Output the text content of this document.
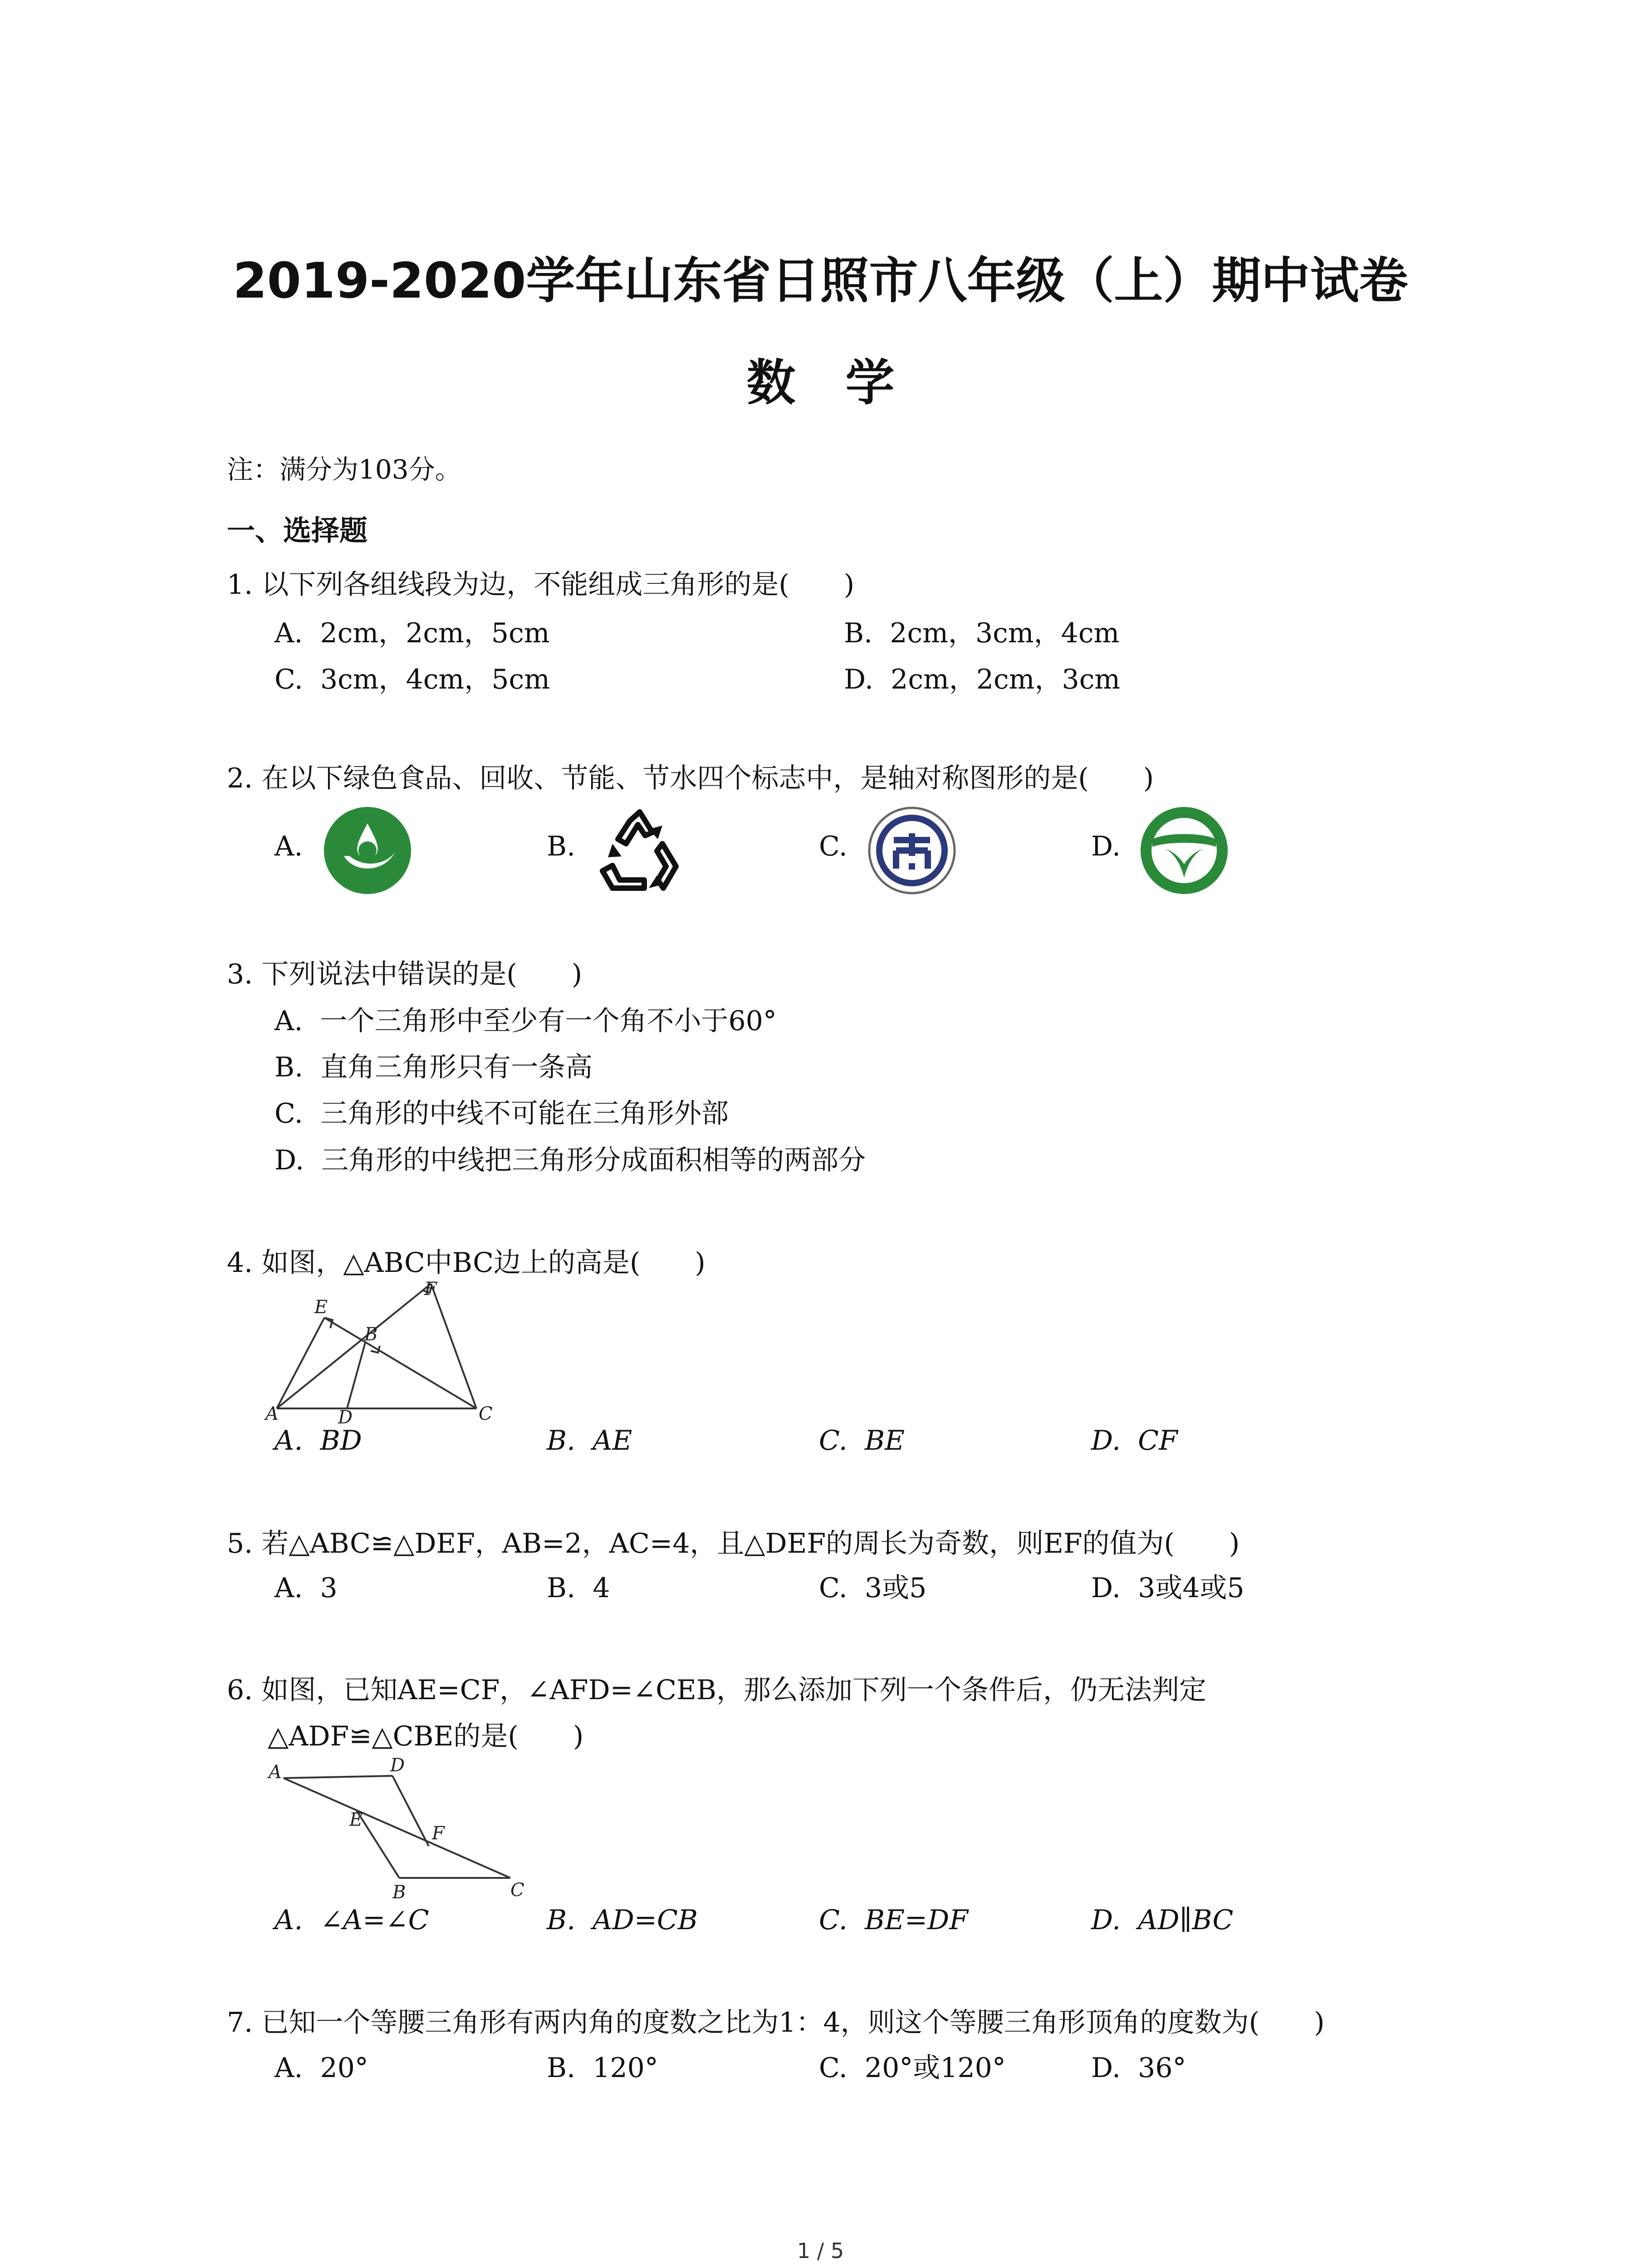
2019-2020学年山东省日照市八年级（上）期中试卷
数学
注：满分为103分。
一、选择题
1. 以下列各组线段为边，不能组成三角形的是(　　)
A.  2cm，2cm，5cm	B.  2cm，3cm，4cm
C.  3cm，4cm，5cm	D.  2cm，2cm，3cm
2. 在以下绿色食品、回收、节能、节水四个标志中，是轴对称图形的是(　　)
A.	B.	C.	D.
3. 下列说法中错误的是(　　)
A.  一个三角形中至少有一个角不小于60°
B.  直角三角形只有一条高
C.  三角形的中线不可能在三角形外部
D.  三角形的中线把三角形分成面积相等的两部分
4. 如图，△ABC中BC边上的高是(　　)
E
F
B
A	D	C
A.  BD	B.  AE	C.  BE	D.  CF
5. 若△ABC≌△DEF，AB=2，AC=4，且△DEF的周长为奇数，则EF的值为(　　)
A.  3	B.  4	C.  3或5	D.  3或4或5
6. 如图，已知AE=CF，∠AFD=∠CEB，那么添加下列一个条件后，仍无法判定
△ADF≌△CBE的是(　　)
A	D
E
F
B	C
A.  ∠A=∠C	B.  AD=CB	C.  BE=DF	D.  AD∥BC
7. 已知一个等腰三角形有两内角的度数之比为1：4，则这个等腰三角形顶角的度数为(　　)
A.  20°	B.  120°	C.  20°或120°	D.  36°
1 / 5
